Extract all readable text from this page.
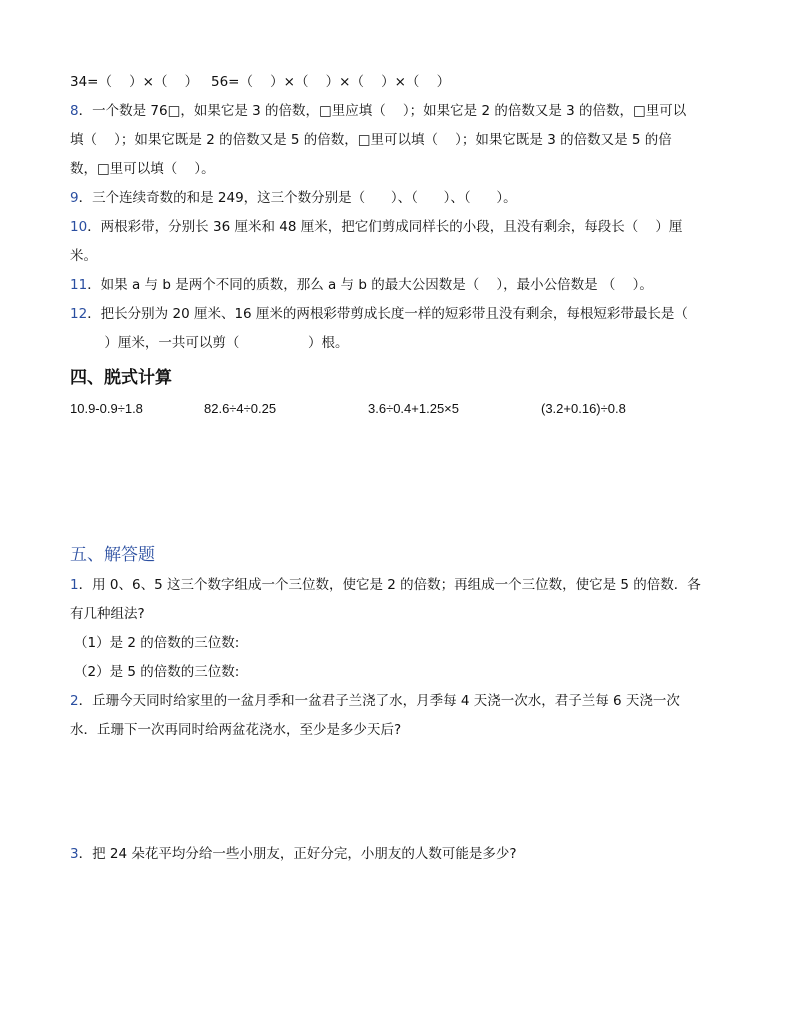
34=（    ）×（    ）   56=（    ）×（    ）×（    ）×（    ）
8．一个数是 76□，如果它是 3 的倍数，□里应填（    ）；如果它是 2 的倍数又是 3 的倍数，□里可以
填（    ）；如果它既是 2 的倍数又是 5 的倍数，□里可以填（    ）；如果它既是 3 的倍数又是 5 的倍
数，□里可以填（    ）。
9．三个连续奇数的和是 249，这三个数分别是（      ）、（      ）、（      ）。
10．两根彩带，分别长 36 厘米和 48 厘米，把它们剪成同样长的小段，且没有剩余，每段长（    ）厘
米。
11．如果 a 与 b 是两个不同的质数，那么 a 与 b 的最大公因数是（    ），最小公倍数是 （    ）。
12．把长分别为 20 厘米、16 厘米的两根彩带剪成长度一样的短彩带且没有剩余，每根短彩带最长是（
）厘米，一共可以剪（                ）根。
四、脱式计算
10.9-0.9÷1.8	82.6÷4÷0.25	3.6÷0.4+1.25×5	(3.2+0.16)÷0.8
五、解答题
1．用 0、6、5 这三个数字组成一个三位数，使它是 2 的倍数；再组成一个三位数，使它是 5 的倍数．各
有几种组法?
（1）是 2 的倍数的三位数:
（2）是 5 的倍数的三位数:
2．丘珊今天同时给家里的一盆月季和一盆君子兰浇了水，月季每 4 天浇一次水，君子兰每 6 天浇一次
水．丘珊下一次再同时给两盆花浇水，至少是多少天后?
3．把 24 朵花平均分给一些小朋友，正好分完，小朋友的人数可能是多少?
